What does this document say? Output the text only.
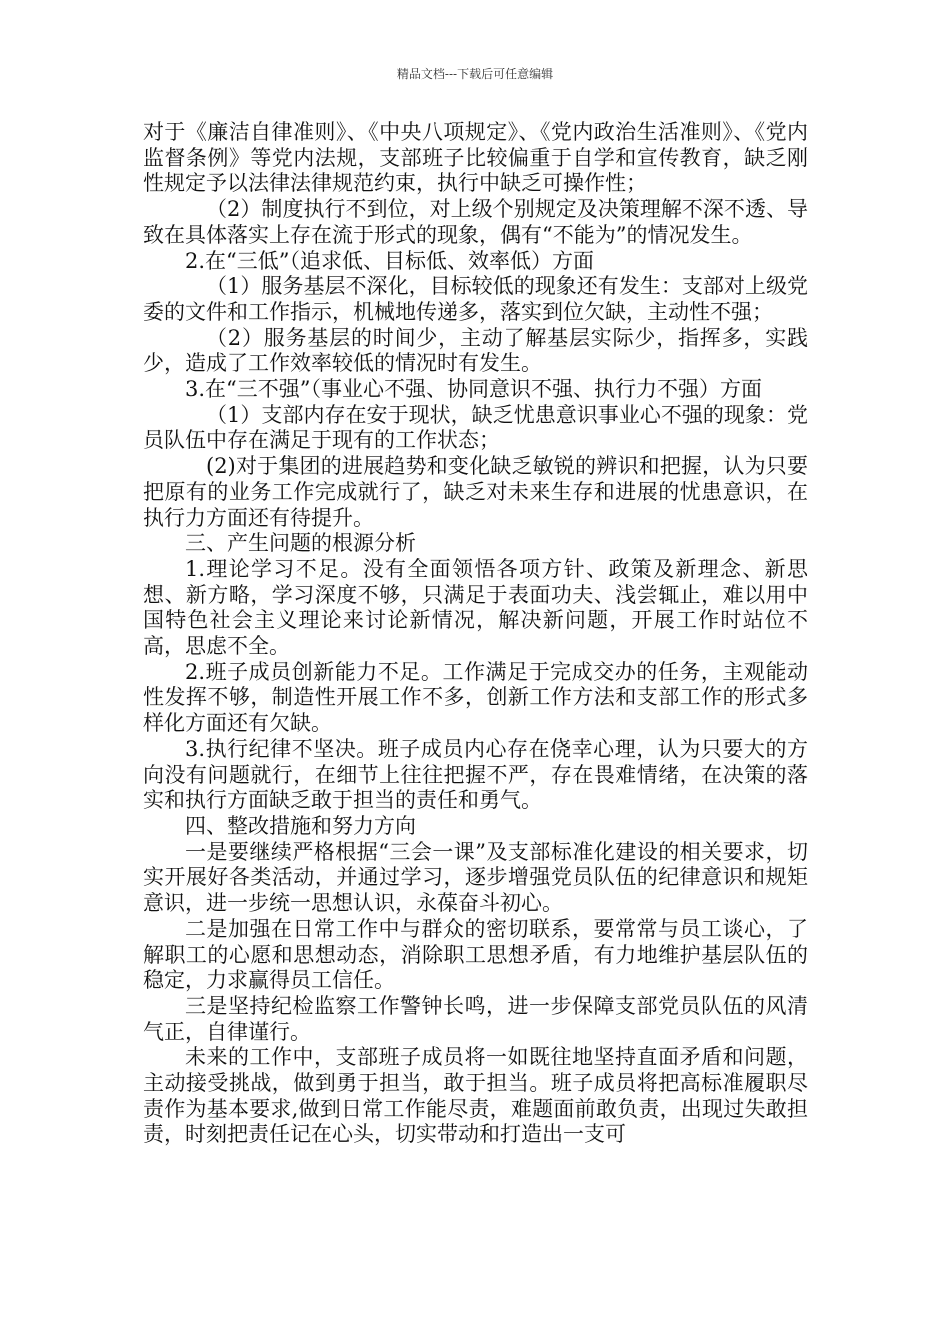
精品文档---下载后可任意编辑

对于《廉洁自律准则》、《中央八项规定》、《党内政治生活准则》、《党内监督条例》等党内法规，支部班子比较偏重于自学和宣传教育，缺乏刚性规定予以法律法律规范约束，执行中缺乏可操作性；

（2）制度执行不到位，对上级个别规定及决策理解不深不透、导致在具体落实上存在流于形式的现象，偶有“不能为”的情况发生。

2.在“三低”（追求低、目标低、效率低）方面

（1）服务基层不深化，目标较低的现象还有发生：支部对上级党委的文件和工作指示，机械地传递多，落实到位欠缺，主动性不强；

（2）服务基层的时间少，主动了解基层实际少，指挥多，实践少，造成了工作效率较低的情况时有发生。

3.在“三不强”（事业心不强、协同意识不强、执行力不强）方面

（1）支部内存在安于现状，缺乏忧患意识事业心不强的现象：党员队伍中存在满足于现有的工作状态；

(2)对于集团的进展趋势和变化缺乏敏锐的辨识和把握，认为只要把原有的业务工作完成就行了，缺乏对未来生存和进展的忧患意识，在执行力方面还有待提升。

三、产生问题的根源分析

1.理论学习不足。没有全面领悟各项方针、政策及新理念、新思想、新方略，学习深度不够，只满足于表面功夫、浅尝辄止，难以用中国特色社会主义理论来讨论新情况，解决新问题，开展工作时站位不高，思虑不全。

2.班子成员创新能力不足。工作满足于完成交办的任务，主观能动性发挥不够，制造性开展工作不多，创新工作方法和支部工作的形式多样化方面还有欠缺。

3.执行纪律不坚决。班子成员内心存在侥幸心理，认为只要大的方向没有问题就行，在细节上往往把握不严，存在畏难情绪，在决策的落实和执行方面缺乏敢于担当的责任和勇气。

四、整改措施和努力方向

一是要继续严格根据“三会一课”及支部标准化建设的相关要求，切实开展好各类活动，并通过学习，逐步增强党员队伍的纪律意识和规矩意识，进一步统一思想认识，永葆奋斗初心。

二是加强在日常工作中与群众的密切联系，要常常与员工谈心，了解职工的心愿和思想动态，消除职工思想矛盾，有力地维护基层队伍的稳定，力求赢得员工信任。

三是坚持纪检监察工作警钟长鸣，进一步保障支部党员队伍的风清气正，自律谨行。

未来的工作中，支部班子成员将一如既往地坚持直面矛盾和问题，主动接受挑战，做到勇于担当，敢于担当。班子成员将把高标准履职尽责作为基本要求,做到日常工作能尽责，难题面前敢负责，出现过失敢担责，时刻把责任记在心头，切实带动和打造出一支可
